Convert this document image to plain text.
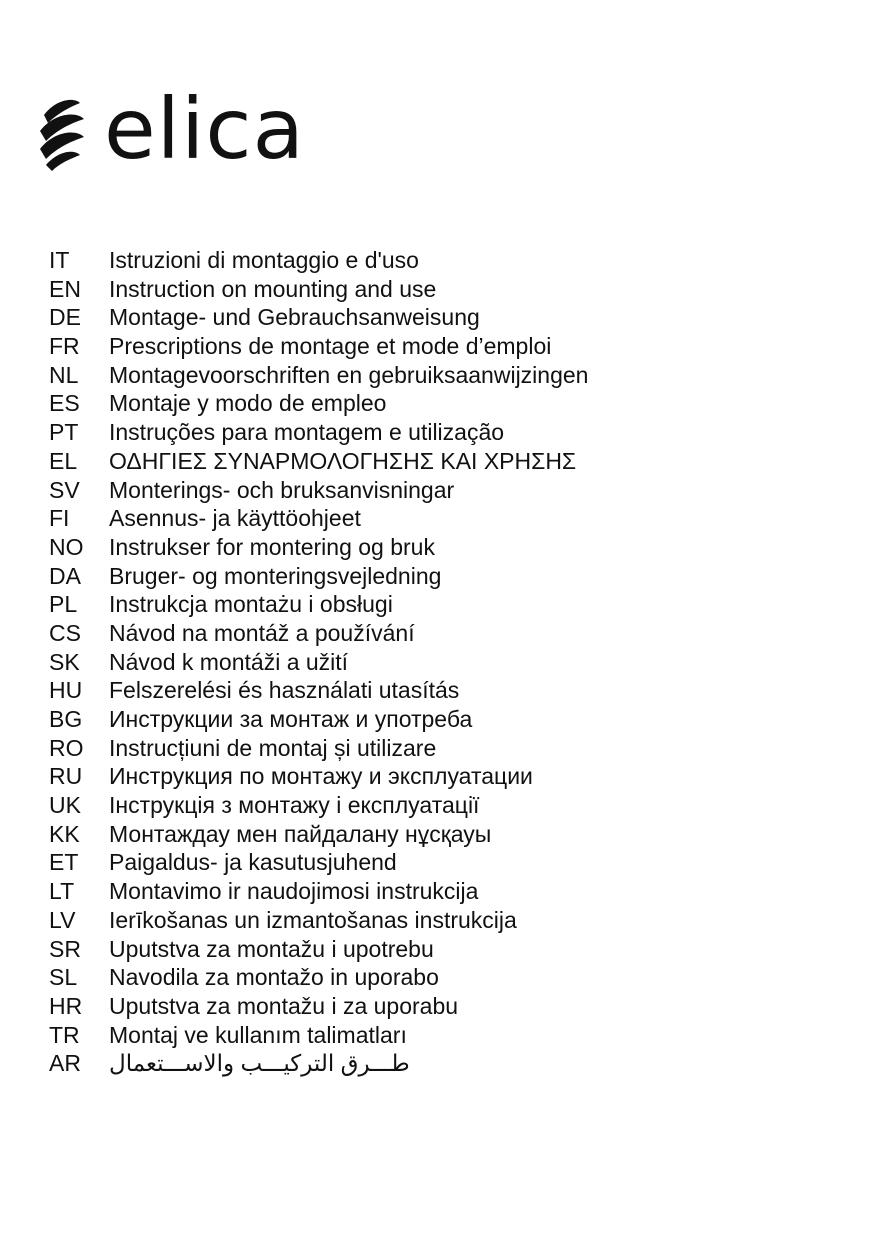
elica
IT	Istruzioni di montaggio e d'uso
EN	Instruction on mounting and use
DE	Montage- und Gebrauchsanweisung
FR	Prescriptions de montage et mode d’emploi
NL	Montagevoorschriften en gebruiksaanwijzingen
ES	Montaje y modo de empleo
PT	Instruções para montagem e utilização
EL	ΟΔΗΓΙΕΣ ΣΥΝΑΡΜΟΛΟΓΗΣΗΣ ΚΑΙ ΧΡΗΣΗΣ
SV	Monterings- och bruksanvisningar
FI	Asennus- ja käyttöohjeet
NO	Instrukser for montering og bruk
DA	Bruger- og monteringsvejledning
PL	Instrukcja montażu i obsługi
CS	Návod na montáž a používání
SK	Návod k montáži a užití
HU	Felszerelési és használati utasítás
BG	Инструкции за монтаж и употреба
RO	Instrucțiuni de montaj și utilizare
RU	Инструкция по монтажу и эксплуатации
UK	Інструкція з монтажу і експлуатації
KK	Монтаждау мен пайдалану нұсқауы
ET	Paigaldus- ja kasutusjuhend
LT	Montavimo ir naudojimosi instrukcija
LV	Ierīkošanas un izmantošanas instrukcija
SR	Uputstva za montažu i upotrebu
SL	Navodila za montažo in uporabo
HR	Uputstva za montažu i za uporabu
TR	Montaj ve kullanım talimatları
AR	طـــرق التركيـــب والاســـتعمال
